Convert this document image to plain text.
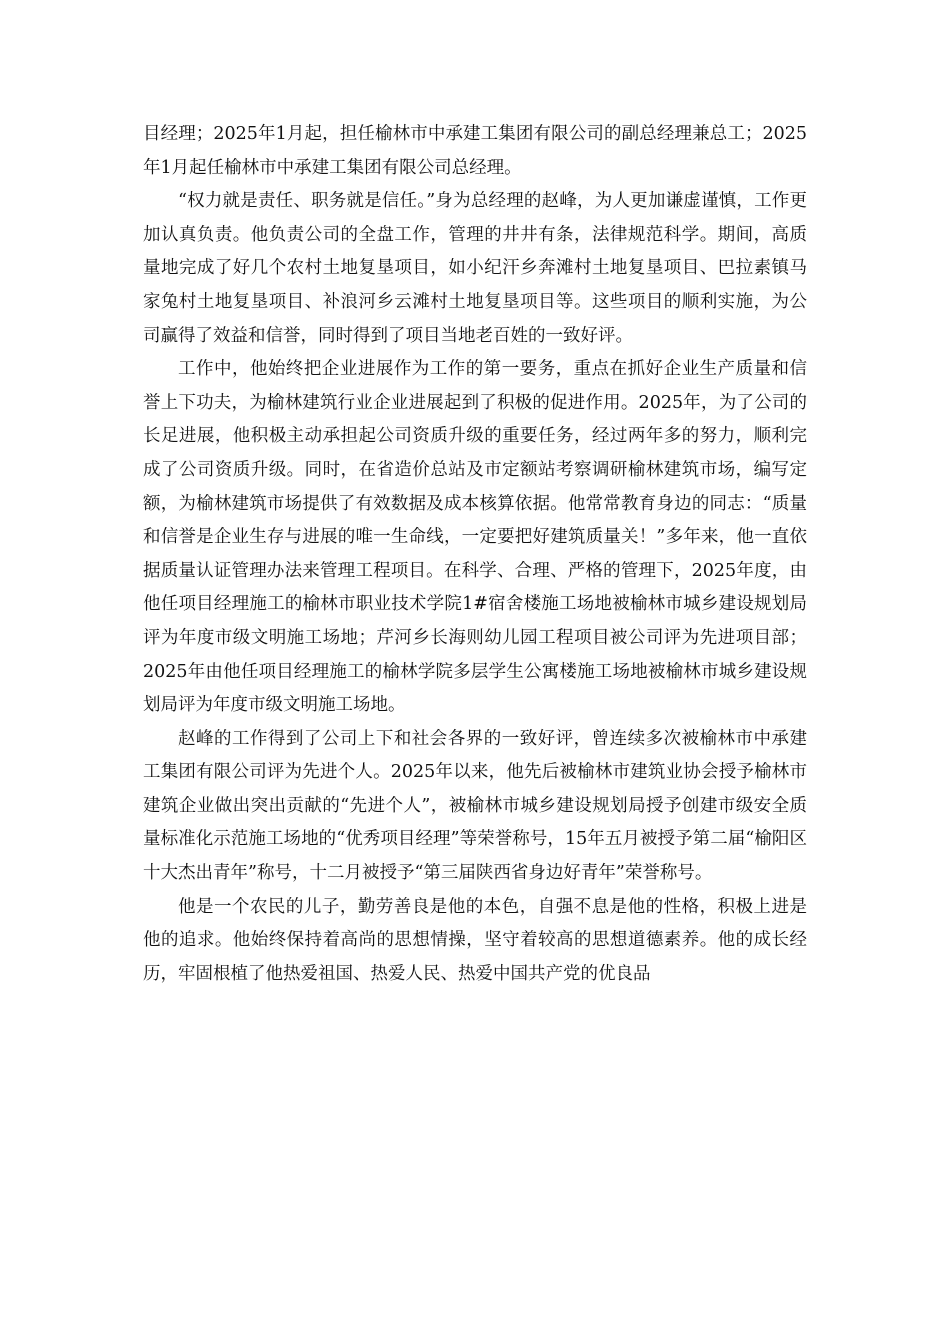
目经理；2025年1月起，担任榆林市中承建工集团有限公司的副总经理兼总工；2025年1月起任榆林市中承建工集团有限公司总经理。

“权力就是责任、职务就是信任。”身为总经理的赵峰，为人更加谦虚谨慎，工作更加认真负责。他负责公司的全盘工作，管理的井井有条，法律规范科学。期间，高质量地完成了好几个农村土地复垦项目，如小纪汗乡奔滩村土地复垦项目、巴拉素镇马家兔村土地复垦项目、补浪河乡云滩村土地复垦项目等。这些项目的顺利实施，为公司赢得了效益和信誉，同时得到了项目当地老百姓的一致好评。

工作中，他始终把企业进展作为工作的第一要务，重点在抓好企业生产质量和信誉上下功夫，为榆林建筑行业企业进展起到了积极的促进作用。2025年，为了公司的长足进展，他积极主动承担起公司资质升级的重要任务，经过两年多的努力，顺利完成了公司资质升级。同时，在省造价总站及市定额站考察调研榆林建筑市场，编写定额，为榆林建筑市场提供了有效数据及成本核算依据。他常常教育身边的同志：“质量和信誉是企业生存与进展的唯一生命线，一定要把好建筑质量关！”多年来，他一直依据质量认证管理办法来管理工程项目。在科学、合理、严格的管理下，2025年度，由他任项目经理施工的榆林市职业技术学院1#宿舍楼施工场地被榆林市城乡建设规划局评为年度市级文明施工场地；芹河乡长海则幼儿园工程项目被公司评为先进项目部；2025年由他任项目经理施工的榆林学院多层学生公寓楼施工场地被榆林市城乡建设规划局评为年度市级文明施工场地。

赵峰的工作得到了公司上下和社会各界的一致好评，曾连续多次被榆林市中承建工集团有限公司评为先进个人。2025年以来，他先后被榆林市建筑业协会授予榆林市建筑企业做出突出贡献的“先进个人”，被榆林市城乡建设规划局授予创建市级安全质量标准化示范施工场地的“优秀项目经理”等荣誉称号，15年五月被授予第二届“榆阳区十大杰出青年”称号，十二月被授予“第三届陕西省身边好青年”荣誉称号。

他是一个农民的儿子，勤劳善良是他的本色，自强不息是他的性格，积极上进是他的追求。他始终保持着高尚的思想情操，坚守着较高的思想道德素养。他的成长经历，牢固根植了他热爱祖国、热爱人民、热爱中国共产党的优良品
